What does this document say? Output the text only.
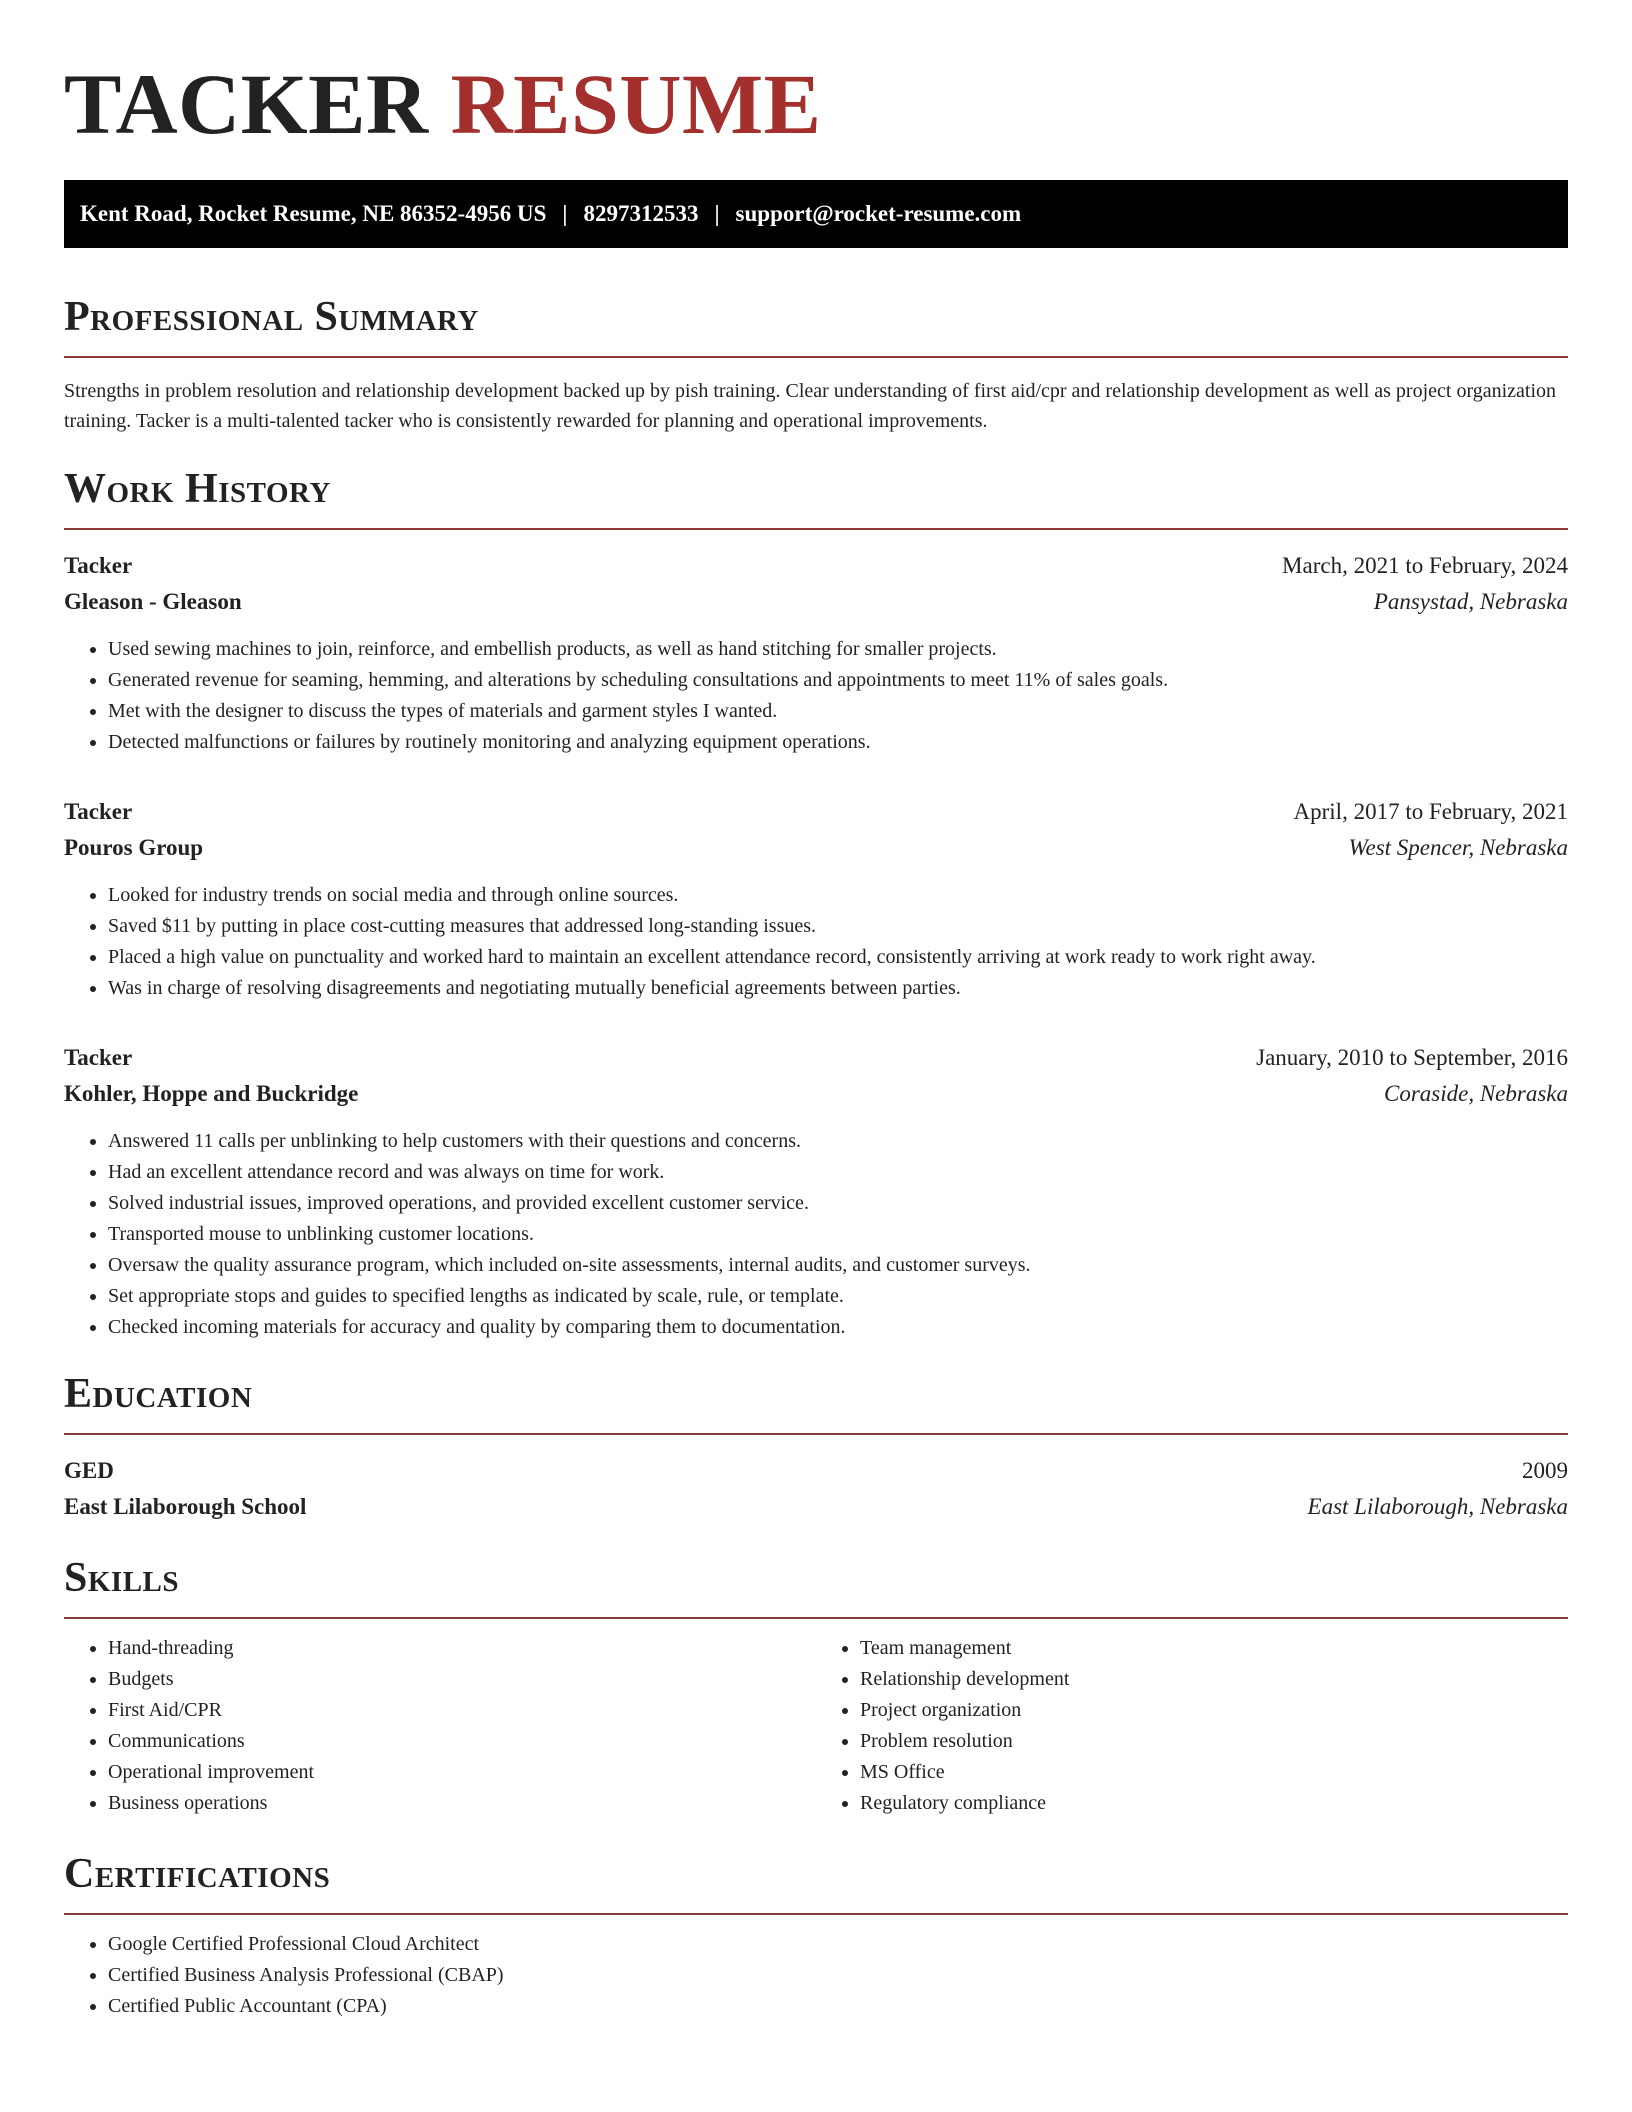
TACKER RESUME
Kent Road, Rocket Resume, NE 86352-4956 US | 8297312533 | support@rocket-resume.com
Professional Summary

Strengths in problem resolution and relationship development backed up by pish training. Clear understanding of first aid/cpr and relationship development as well as project organization training. Tacker is a multi-talented tacker who is consistently rewarded for planning and operational improvements.

Work History
Tacker	March, 2021 to February, 2024
Gleason - Gleason	Pansystad, Nebraska
• Used sewing machines to join, reinforce, and embellish products, as well as hand stitching for smaller projects.
• Generated revenue for seaming, hemming, and alterations by scheduling consultations and appointments to meet 11% of sales goals.
• Met with the designer to discuss the types of materials and garment styles I wanted.
• Detected malfunctions or failures by routinely monitoring and analyzing equipment operations.
Tacker	April, 2017 to February, 2021
Pouros Group	West Spencer, Nebraska
• Looked for industry trends on social media and through online sources.
• Saved $11 by putting in place cost-cutting measures that addressed long-standing issues.
• Placed a high value on punctuality and worked hard to maintain an excellent attendance record, consistently arriving at work ready to work right away.
• Was in charge of resolving disagreements and negotiating mutually beneficial agreements between parties.
Tacker	January, 2010 to September, 2016
Kohler, Hoppe and Buckridge	Coraside, Nebraska
• Answered 11 calls per unblinking to help customers with their questions and concerns.
• Had an excellent attendance record and was always on time for work.
• Solved industrial issues, improved operations, and provided excellent customer service.
• Transported mouse to unblinking customer locations.
• Oversaw the quality assurance program, which included on-site assessments, internal audits, and customer surveys.
• Set appropriate stops and guides to specified lengths as indicated by scale, rule, or template.
• Checked incoming materials for accuracy and quality by comparing them to documentation.
Education
GED	2009
East Lilaborough School	East Lilaborough, Nebraska
Skills
• Hand-threading
• Budgets
• First Aid/CPR
• Communications
• Operational improvement
• Business operations
• Team management
• Relationship development
• Project organization
• Problem resolution
• MS Office
• Regulatory compliance
Certifications
• Google Certified Professional Cloud Architect
• Certified Business Analysis Professional (CBAP)
• Certified Public Accountant (CPA)
